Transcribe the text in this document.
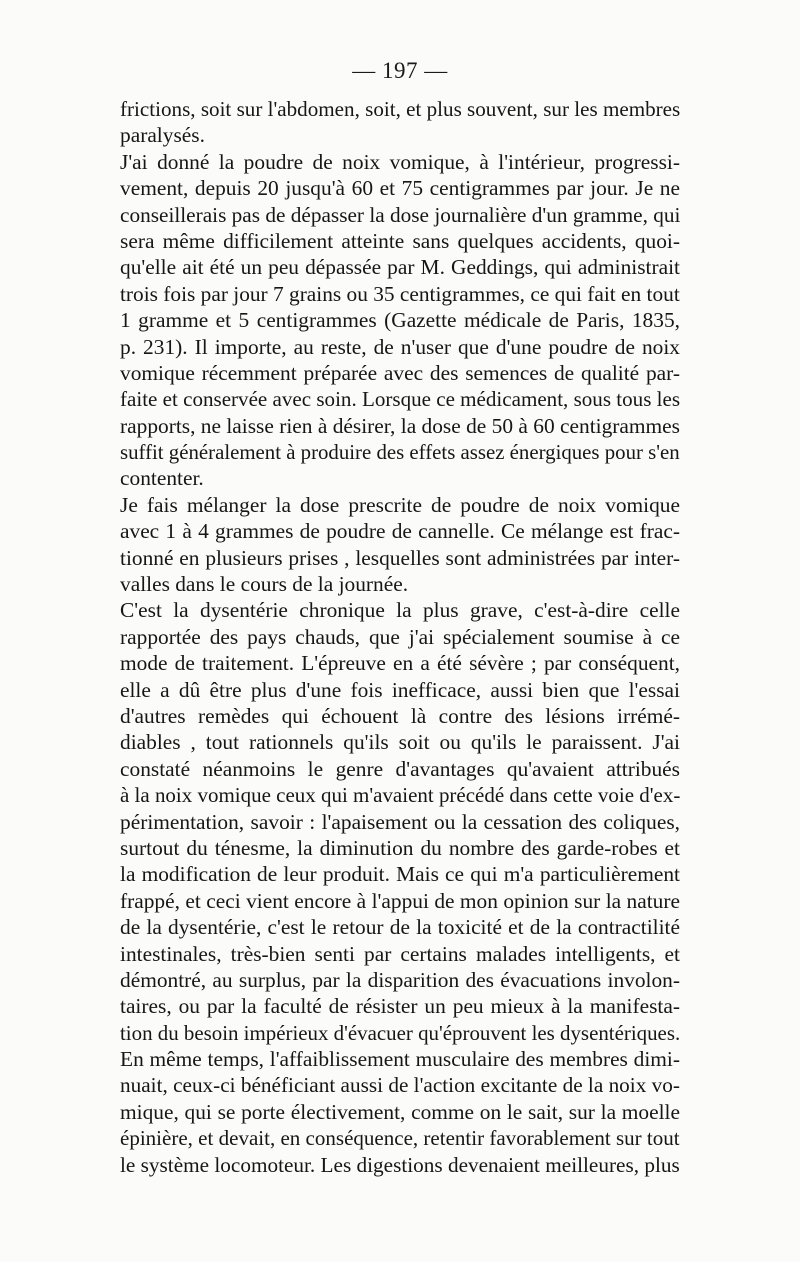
— 197 —
frictions, soit sur l'abdomen, soit, et plus souvent, sur les membres
paralysés.
J'ai donné la poudre de noix vomique, à l'intérieur, progressi-
vement, depuis 20 jusqu'à 60 et 75 centigrammes par jour. Je ne
conseillerais pas de dépasser la dose journalière d'un gramme, qui
sera même difficilement atteinte sans quelques accidents, quoi-
qu'elle ait été un peu dépassée par M. Geddings, qui administrait
trois fois par jour 7 grains ou 35 centigrammes, ce qui fait en tout
1 gramme et 5 centigrammes (Gazette médicale de Paris, 1835,
p. 231). Il importe, au reste, de n'user que d'une poudre de noix
vomique récemment préparée avec des semences de qualité par-
faite et conservée avec soin. Lorsque ce médicament, sous tous les
rapports, ne laisse rien à désirer, la dose de 50 à 60 centigrammes
suffit généralement à produire des effets assez énergiques pour s'en
contenter.
Je fais mélanger la dose prescrite de poudre de noix vomique
avec 1 à 4 grammes de poudre de cannelle. Ce mélange est frac-
tionné en plusieurs prises , lesquelles sont administrées par inter-
valles dans le cours de la journée.
C'est la dysentérie chronique la plus grave, c'est-à-dire celle
rapportée des pays chauds, que j'ai spécialement soumise à ce
mode de traitement. L'épreuve en a été sévère ; par conséquent,
elle a dû être plus d'une fois inefficace, aussi bien que l'essai
d'autres remèdes qui échouent là contre des lésions irrémé-
diables , tout rationnels qu'ils soit ou qu'ils le paraissent. J'ai
constaté néanmoins le genre d'avantages qu'avaient attribués
à la noix vomique ceux qui m'avaient précédé dans cette voie d'ex-
périmentation, savoir : l'apaisement ou la cessation des coliques,
surtout du ténesme, la diminution du nombre des garde-robes et
la modification de leur produit. Mais ce qui m'a particulièrement
frappé, et ceci vient encore à l'appui de mon opinion sur la nature
de la dysentérie, c'est le retour de la toxicité et de la contractilité
intestinales, très-bien senti par certains malades intelligents, et
démontré, au surplus, par la disparition des évacuations involon-
taires, ou par la faculté de résister un peu mieux à la manifesta-
tion du besoin impérieux d'évacuer qu'éprouvent les dysentériques.
En même temps, l'affaiblissement musculaire des membres dimi-
nuait, ceux-ci bénéficiant aussi de l'action excitante de la noix vo-
mique, qui se porte électivement, comme on le sait, sur la moelle
épinière, et devait, en conséquence, retentir favorablement sur tout
le système locomoteur. Les digestions devenaient meilleures, plus
